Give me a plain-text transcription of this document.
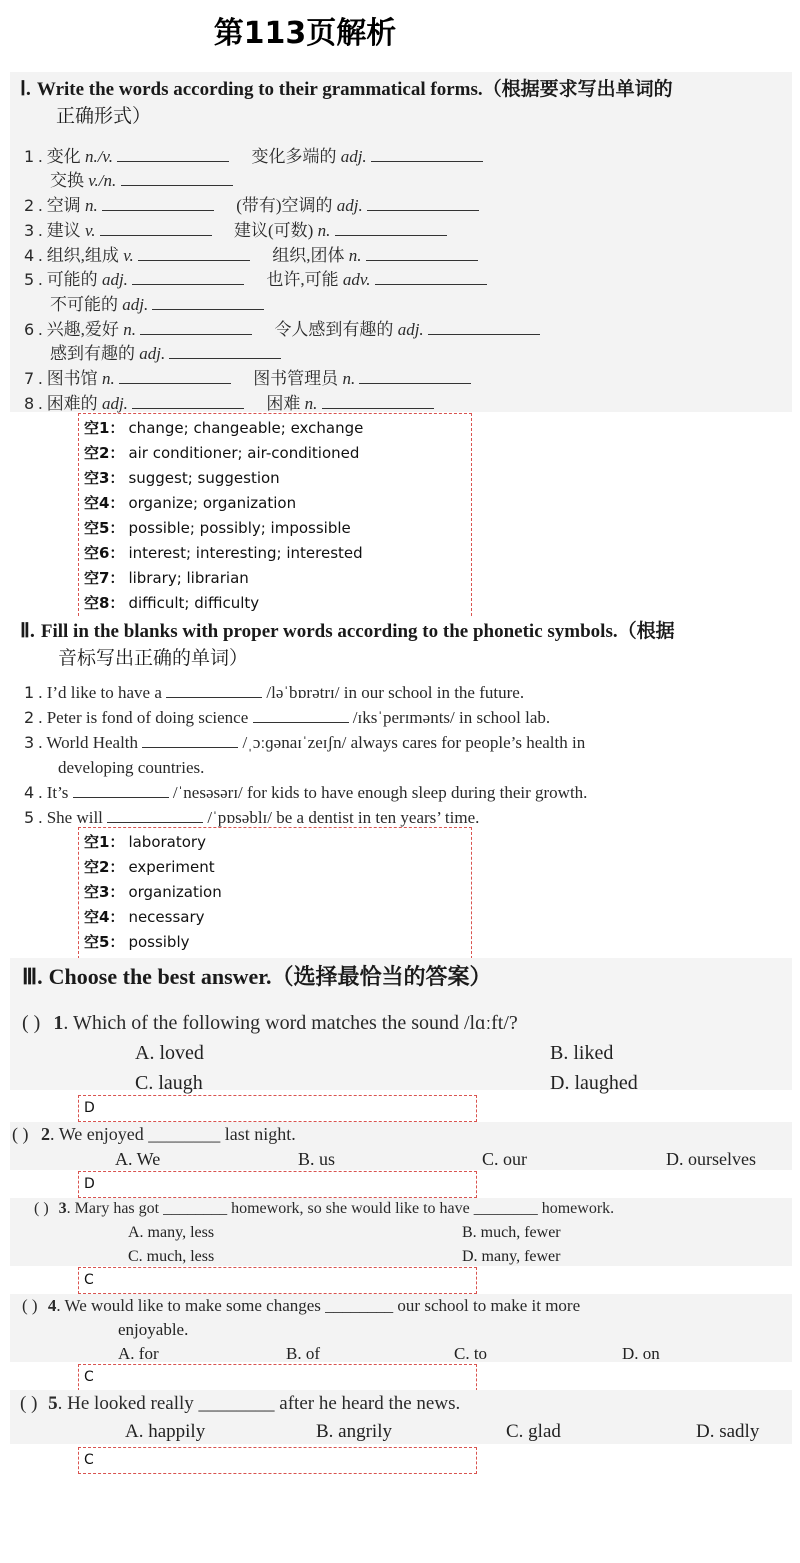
第113页解析
Ⅰ. Write the words according to their grammatical forms.（根据要求写出单词的
正确形式）
1 . 变化 n./v.	变化多端的 adj.
交换 v./n.
2 . 空调 n.	(带有)空调的 adj.
3 . 建议 v.	建议(可数) n.
4 . 组织,组成 v.	组织,团体 n.
5 . 可能的 adj.	也许,可能 adv.
不可能的 adj.
6 . 兴趣,爱好 n.	令人感到有趣的 adj.
感到有趣的 adj.
7 . 图书馆 n.	图书管理员 n.
8 . 困难的 adj.	困难 n.
空1： change; changeable; exchange
空2： air conditioner; air-conditioned
空3： suggest; suggestion
空4： organize; organization
空5： possible; possibly; impossible
空6： interest; interesting; interested
空7： library; librarian
空8： difficult; difficulty
Ⅱ. Fill in the blanks with proper words according to the phonetic symbols.（根据
音标写出正确的单词）
1 . I’d like to have a	/ləˈbɒrətrɪ/ in our school in the future.
2 . Peter is fond of doing science	/ɪksˈperɪmənts/ in school lab.
3 . World Health	/ˌɔːɡənaɪˈzeɪʃn/ always cares for people’s health in
developing countries.
4 . It’s	/ˈnesəsərɪ/ for kids to have enough sleep during their growth.
5 . She will	/ˈpɒsəblɪ/ be a dentist in ten years’ time.
空1： laboratory
空2： experiment
空3： organization
空4： necessary
空5： possibly
Ⅲ. Choose the best answer.（选择最恰当的答案）
( ) 1. Which of the following word matches the sound /lɑːft/?
A. loved	B. liked
C. laugh	D. laughed
D
( ) 2. We enjoyed ________ last night.
A. We	B. us	C. our	D. ourselves
D
( ) 3. Mary has got ________ homework, so she would like to have ________ homework.
A. many, less	B. much, fewer
C. much, less	D. many, fewer
C
( ) 4. We would like to make some changes ________ our school to make it more
enjoyable.
A. for	B. of	C. to	D. on
C
( ) 5. He looked really ________ after he heard the news.
A. happily	B. angrily	C. glad	D. sadly
C
